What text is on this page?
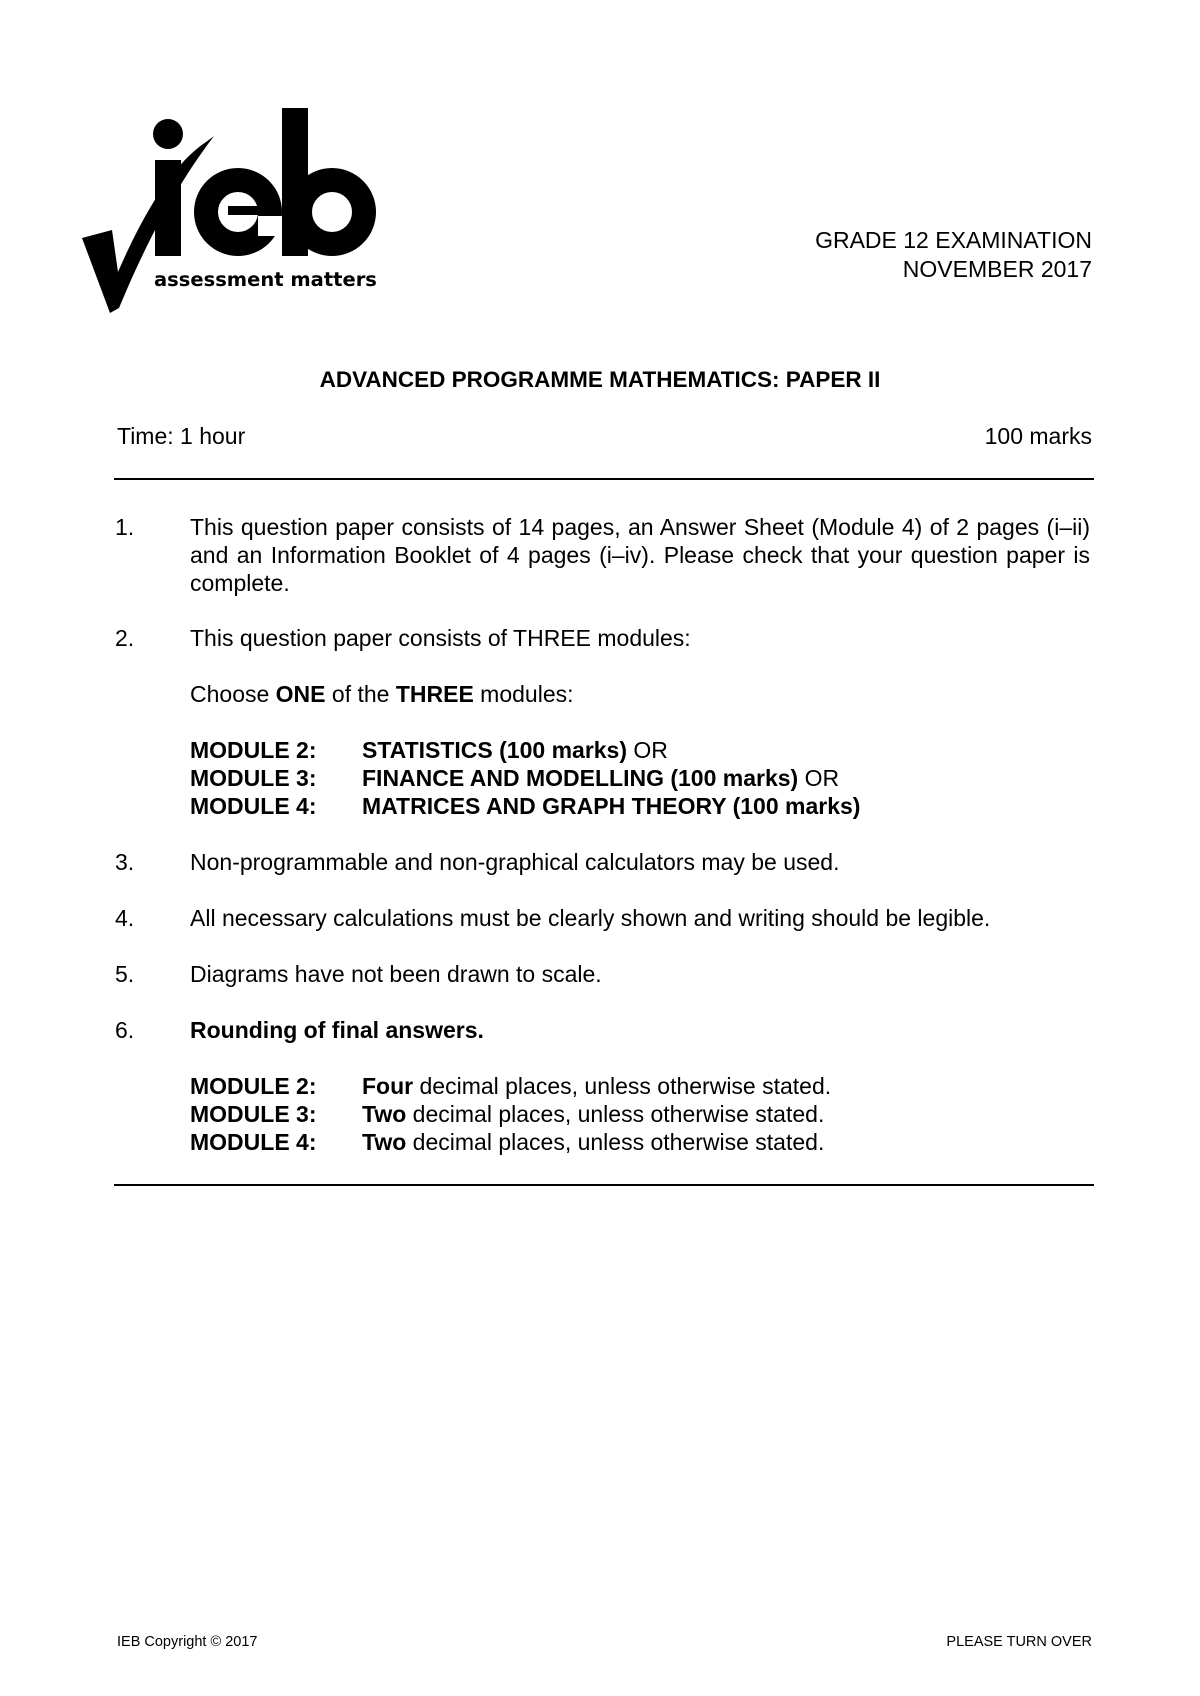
assessment matters
GRADE 12 EXAMINATION
NOVEMBER 2017
ADVANCED PROGRAMME MATHEMATICS: PAPER II
Time: 1 hour	100 marks
1. This question paper consists of 14 pages, an Answer Sheet (Module 4) of 2 pages (i–ii) and an Information Booklet of 4 pages (i–iv). Please check that your question paper is complete.
2. This question paper consists of THREE modules:
Choose ONE of the THREE modules:
MODULE 2: STATISTICS (100 marks) OR
MODULE 3: FINANCE AND MODELLING (100 marks) OR
MODULE 4: MATRICES AND GRAPH THEORY (100 marks)
3. Non-programmable and non-graphical calculators may be used.
4. All necessary calculations must be clearly shown and writing should be legible.
5. Diagrams have not been drawn to scale.
6. Rounding of final answers.
MODULE 2: Four decimal places, unless otherwise stated.
MODULE 3: Two decimal places, unless otherwise stated.
MODULE 4: Two decimal places, unless otherwise stated.
IEB Copyright © 2017	PLEASE TURN OVER
